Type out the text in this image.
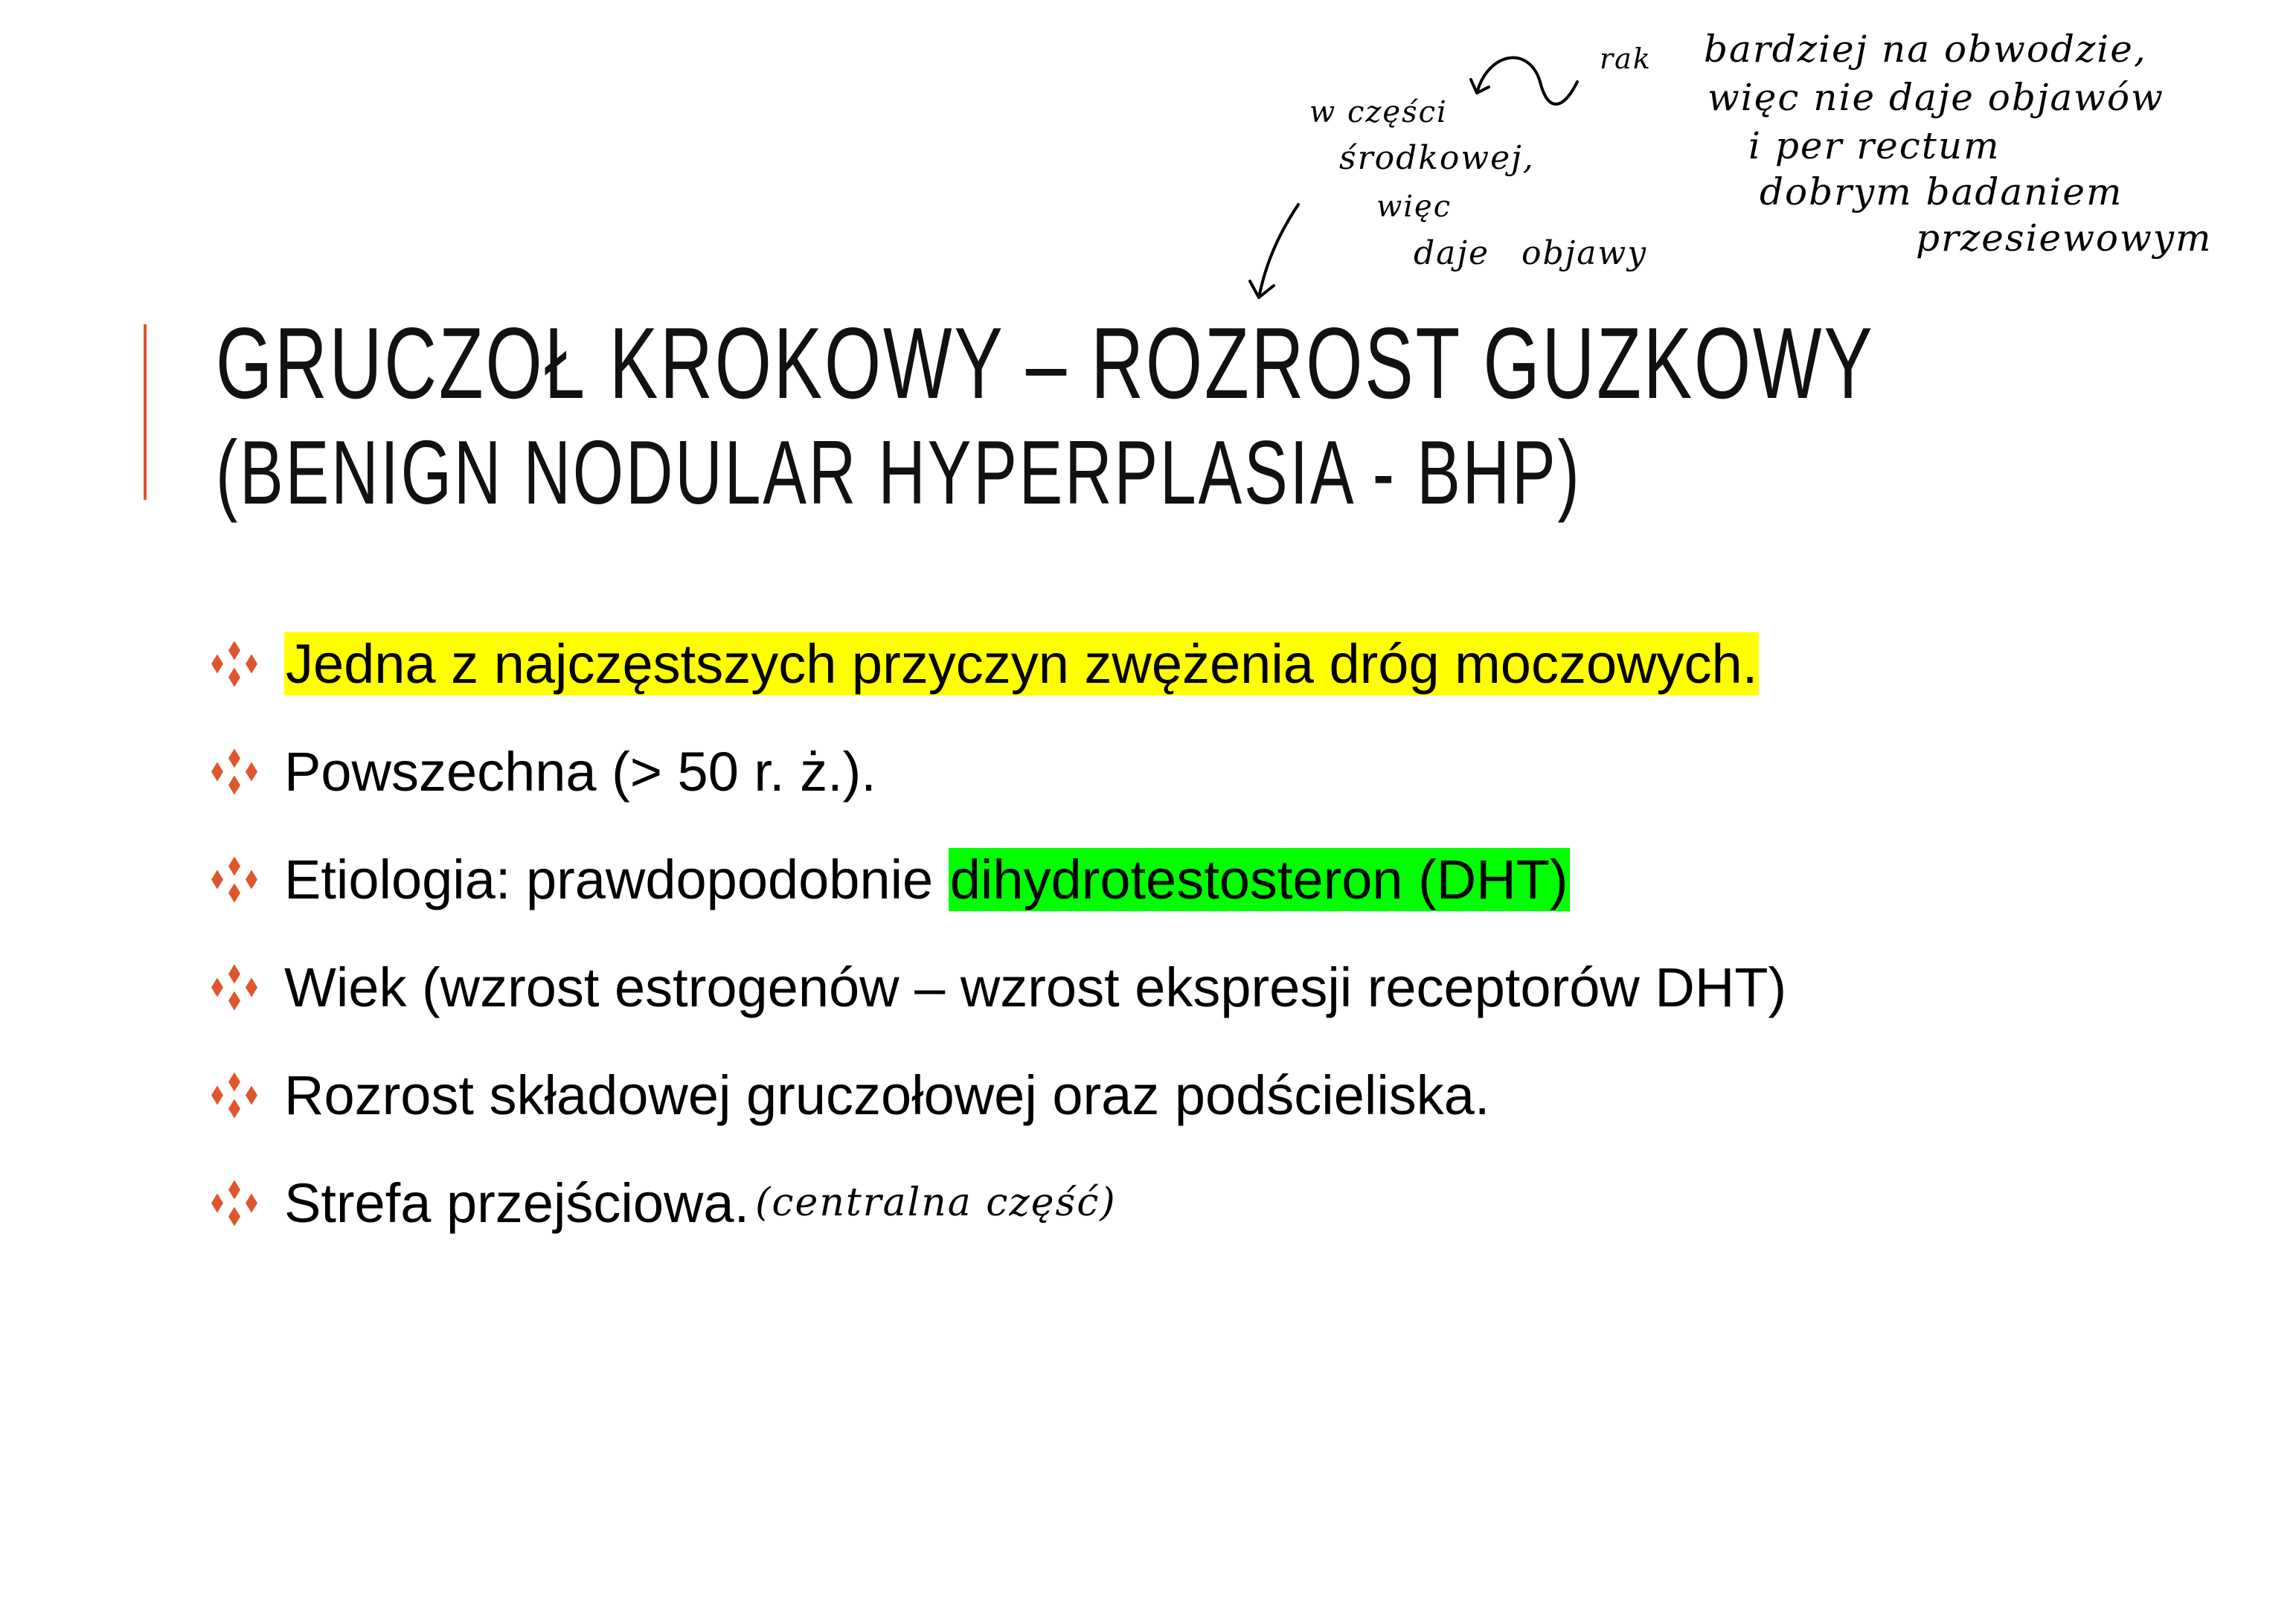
GRUCZOŁ KROKOWY – ROZROST GUZKOWY
(BENIGN NODULAR HYPERPLASIA - BHP)
Jedna z najczęstszych przyczyn zwężenia dróg moczowych.
Powszechna (> 50 r. ż.).
Etiologia: prawdopodobnie dihydrotestosteron (DHT)
Wiek (wzrost estrogenów – wzrost ekspresji receptorów DHT)
Rozrost składowej gruczołowej oraz podścieliska.
Strefa przejściowa. (centralna część)
rak
w części
środkowej,
więc
daje objawy
bardziej na obwodzie,
więc nie daje objawów
i per rectum
dobrym badaniem
przesiewowym
